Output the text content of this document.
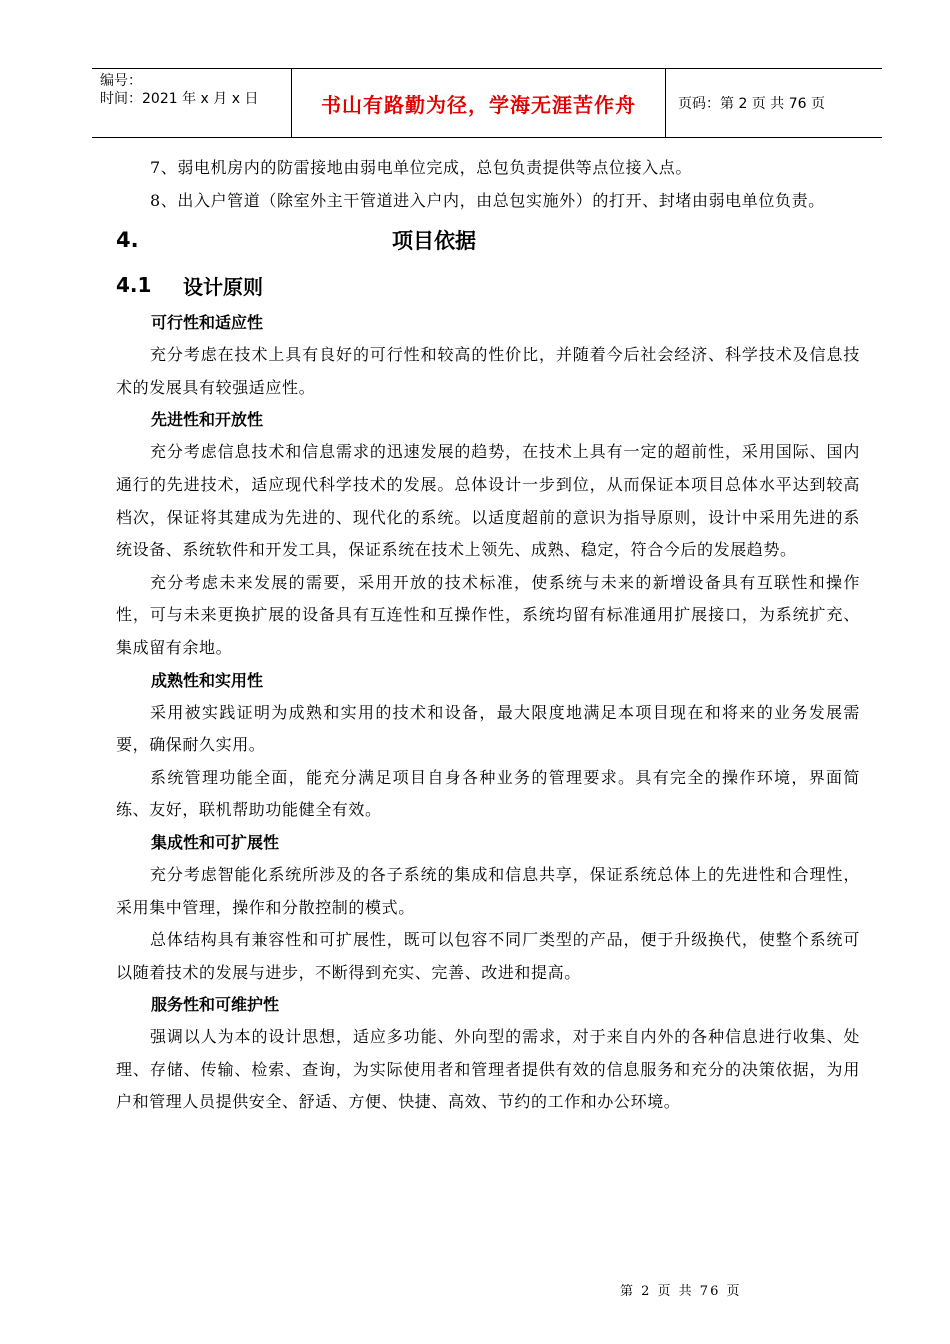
编号：
时间：2021 年 x 月 x 日	书山有路勤为径，学海无涯苦作舟	页码：第 2 页 共 76 页

7、弱电机房内的防雷接地由弱电单位完成，总包负责提供等点位接入点。

8、出入户管道（除室外主干管道进入户内，由总包实施外）的打开、封堵由弱电单位负责。

4.	项目依据
4.1	设计原则
可行性和适应性

充分考虑在技术上具有良好的可行性和较高的性价比，并随着今后社会经济、科学技术及信息技术的发展具有较强适应性。

先进性和开放性

充分考虑信息技术和信息需求的迅速发展的趋势，在技术上具有一定的超前性，采用国际、国内通行的先进技术，适应现代科学技术的发展。总体设计一步到位，从而保证本项目总体水平达到较高档次，保证将其建成为先进的、现代化的系统。以适度超前的意识为指导原则，设计中采用先进的系统设备、系统软件和开发工具，保证系统在技术上领先、成熟、稳定，符合今后的发展趋势。

充分考虑未来发展的需要，采用开放的技术标准，使系统与未来的新增设备具有互联性和操作性，可与未来更换扩展的设备具有互连性和互操作性，系统均留有标准通用扩展接口，为系统扩充、集成留有余地。

成熟性和实用性

采用被实践证明为成熟和实用的技术和设备，最大限度地满足本项目现在和将来的业务发展需要，确保耐久实用。

系统管理功能全面，能充分满足项目自身各种业务的管理要求。具有完全的操作环境，界面简练、友好，联机帮助功能健全有效。

集成性和可扩展性

充分考虑智能化系统所涉及的各子系统的集成和信息共享，保证系统总体上的先进性和合理性，采用集中管理，操作和分散控制的模式。

总体结构具有兼容性和可扩展性，既可以包容不同厂类型的产品，便于升级换代，使整个系统可以随着技术的发展与进步，不断得到充实、完善、改进和提高。

服务性和可维护性

强调以人为本的设计思想，适应多功能、外向型的需求，对于来自内外的各种信息进行收集、处理、存储、传输、检索、查询，为实际使用者和管理者提供有效的信息服务和充分的决策依据，为用户和管理人员提供安全、舒适、方便、快捷、高效、节约的工作和办公环境。

第 2 页 共 76 页
